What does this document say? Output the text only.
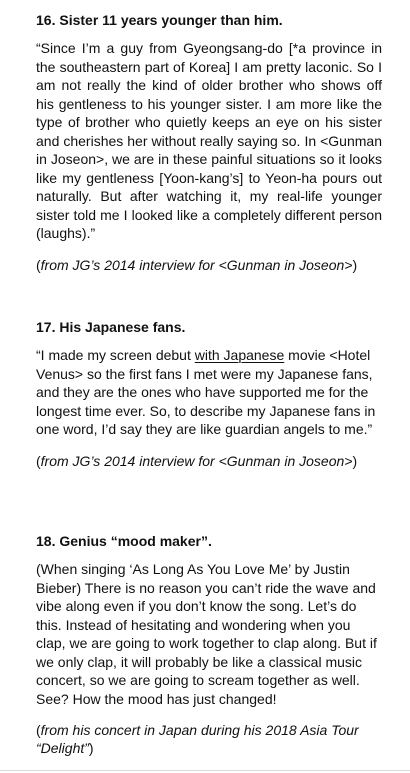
16. Sister 11 years younger than him.

“Since I’m a guy from Gyeongsang-do [*a province in the southeastern part of Korea] I am pretty laconic. So I am not really the kind of older brother who shows off his gentleness to his younger sister. I am more like the type of brother who quietly keeps an eye on his sister and cherishes her without really saying so. In <Gunman in Joseon>, we are in these painful situations so it looks like my gentleness [Yoon-kang’s] to Yeon-ha pours out naturally. But after watching it, my real-life younger sister told me I looked like a completely different person (laughs).”

(from JG’s 2014 interview for <Gunman in Joseon>)

17. His Japanese fans.

“I made my screen debut with Japanese movie <Hotel Venus> so the first fans I met were my Japanese fans, and they are the ones who have supported me for the longest time ever. So, to describe my Japanese fans in one word, I’d say they are like guardian angels to me.”

(from JG’s 2014 interview for <Gunman in Joseon>)

18. Genius “mood maker”.

(When singing ‘As Long As You Love Me’ by Justin Bieber) There is no reason you can’t ride the wave and vibe along even if you don’t know the song. Let’s do this. Instead of hesitating and wondering when you clap, we are going to work together to clap along. But if we only clap, it will probably be like a classical music concert, so we are going to scream together as well. See? How the mood has just changed!

(from his concert in Japan during his 2018 Asia Tour “Delight”)
